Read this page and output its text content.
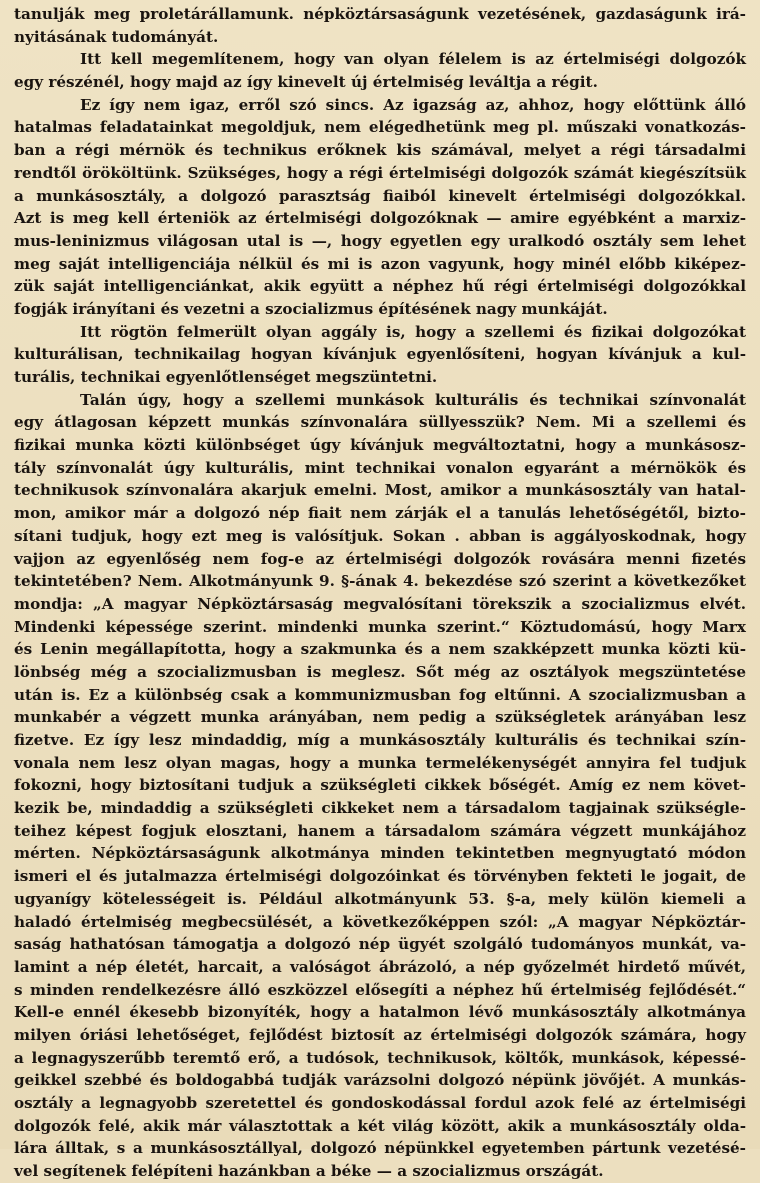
tanulják meg proletárállamunk. népköztársaságunk vezetésének, gazdaságunk irá-
nyitásának tudományát.
Itt kell megemlítenem, hogy van olyan félelem is az értelmiségi dolgozók
egy részénél, hogy majd az így kinevelt új értelmiség leváltja a régit.
Ez így nem igaz, erről szó sincs. Az igazság az, ahhoz, hogy előttünk álló
hatalmas feladatainkat megoldjuk, nem elégedhetünk meg pl. műszaki vonatkozás-
ban a régi mérnök és technikus erőknek kis számával, melyet a régi társadalmi
rendtől örököltünk. Szükséges, hogy a régi értelmiségi dolgozók számát kiegészítsük
a munkásosztály, a dolgozó parasztság fiaiból kinevelt értelmiségi dolgozókkal.
Azt is meg kell érteniök az értelmiségi dolgozóknak — amire egyébként a marxiz-
mus-leninizmus világosan utal is —, hogy egyetlen egy uralkodó osztály sem lehet
meg saját intelligenciája nélkül és mi is azon vagyunk, hogy minél előbb kiképez-
zük saját intelligenciánkat, akik együtt a néphez hű régi értelmiségi dolgozókkal
fogják irányítani és vezetni a szocializmus építésének nagy munkáját.
Itt rögtön felmerült olyan aggály is, hogy a szellemi és fizikai dolgozókat
kulturálisan, technikailag hogyan kívánjuk egyenlősíteni, hogyan kívánjuk a kul-
turális, technikai egyenlőtlenséget megszüntetni.
Talán úgy, hogy a szellemi munkások kulturális és technikai színvonalát
egy átlagosan képzett munkás színvonalára süllyesszük? Nem. Mi a szellemi és
fizikai munka közti különbséget úgy kívánjuk megváltoztatni, hogy a munkásosz-
tály színvonalát úgy kulturális, mint technikai vonalon egyaránt a mérnökök és
technikusok színvonalára akarjuk emelni. Most, amikor a munkásosztály van hatal-
mon, amikor már a dolgozó nép fiait nem zárják el a tanulás lehetőségétől, bizto-
sítani tudjuk, hogy ezt meg is valósítjuk. Sokan . abban is aggályoskodnak, hogy
vajjon az egyenlőség nem fog-e az értelmiségi dolgozók rovására menni fizetés
tekintetében? Nem. Alkotmányunk 9. §-ának 4. bekezdése szó szerint a következőket
mondja: „A magyar Népköztársaság megvalósítani törekszik a szocializmus elvét.
Mindenki képessége szerint. mindenki munka szerint.“ Köztudomású, hogy Marx
és Lenin megállapította, hogy a szakmunka és a nem szakképzett munka közti kü-
lönbség még a szocializmusban is meglesz. Sőt még az osztályok megszüntetése
után is. Ez a különbség csak a kommunizmusban fog eltűnni. A szocializmusban a
munkabér a végzett munka arányában, nem pedig a szükségletek arányában lesz
fizetve. Ez így lesz mindaddig, míg a munkásosztály kulturális és technikai szín-
vonala nem lesz olyan magas, hogy a munka termelékenységét annyira fel tudjuk
fokozni, hogy biztosítani tudjuk a szükségleti cikkek bőségét. Amíg ez nem követ-
kezik be, mindaddig a szükségleti cikkeket nem a társadalom tagjainak szükségle-
teihez képest fogjuk elosztani, hanem a társadalom számára végzett munkájához
mérten. Népköztársaságunk alkotmánya minden tekintetben megnyugtató módon
ismeri el és jutalmazza értelmiségi dolgozóinkat és törvényben fekteti le jogait, de
ugyanígy kötelességeit is. Például alkotmányunk 53. §-a, mely külön kiemeli a
haladó értelmiség megbecsülését, a következőképpen szól: „A magyar Népköztár-
saság hathatósan támogatja a dolgozó nép ügyét szolgáló tudományos munkát, va-
lamint a nép életét, harcait, a valóságot ábrázoló, a nép győzelmét hirdető művét,
s minden rendelkezésre álló eszközzel elősegíti a néphez hű értelmiség fejlődését.“
Kell-e ennél ékesebb bizonyíték, hogy a hatalmon lévő munkásosztály alkotmánya
milyen óriási lehetőséget, fejlődést biztosít az értelmiségi dolgozók számára, hogy
a legnagyszerűbb teremtő erő, a tudósok, technikusok, költők, munkások, képessé-
geikkel szebbé és boldogabbá tudják varázsolni dolgozó népünk jövőjét. A munkás-
osztály a legnagyobb szeretettel és gondoskodással fordul azok felé az értelmiségi
dolgozók felé, akik már választottak a két világ között, akik a munkásosztály olda-
lára álltak, s a munkásosztállyal, dolgozó népünkkel egyetemben pártunk vezetésé-
vel segítenek felépíteni hazánkban a béke — a szocializmus országát.
